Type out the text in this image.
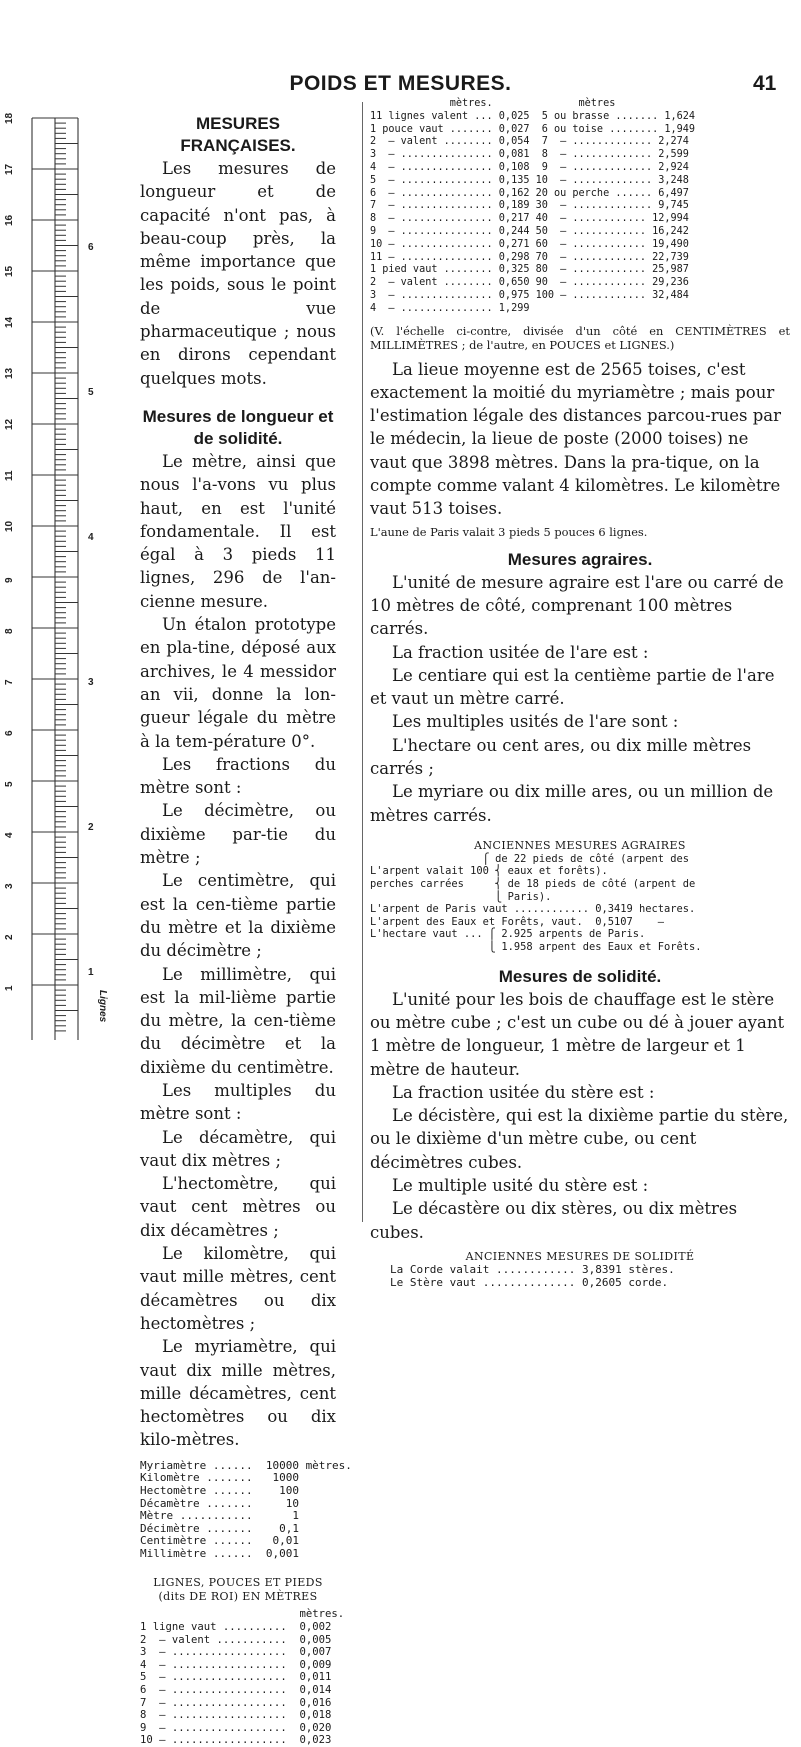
POIDS ET MESURES.	41
18
17
16
15
14
13
12
11
10
9
8
7
6
5
4
3
2
1
6
5
4
3
2
1
Lignes
MESURES FRANÇAISES.

Les mesures de longueur et de capacité n'ont pas, à beau-coup près, la même importance que les poids, sous le point de vue pharmaceutique ; nous en dirons cependant quelques mots.

Mesures de longueur et de solidité.

Le mètre, ainsi que nous l'a-vons vu plus haut, en est l'unité fondamentale. Il est égal à 3 pieds 11 lignes, 296 de l'an-cienne mesure.

Un étalon prototype en pla-tine, déposé aux archives, le 4 messidor an vii, donne la lon-gueur légale du mètre à la tem-pérature 0°.

Les fractions du mètre sont :

Le décimètre, ou dixième par-tie du mètre ;

Le centimètre, qui est la cen-tième partie du mètre et la dixième du décimètre ;

Le millimètre, qui est la mil-lième partie du mètre, la cen-tième du décimètre et la dixième du centimètre.

Les multiples du mètre sont :

Le décamètre, qui vaut dix mètres ;

L'hectomètre, qui vaut cent mètres ou dix décamètres ;

Le kilomètre, qui vaut mille mètres, cent décamètres ou dix hectomètres ;

Le myriamètre, qui vaut dix mille mètres, mille décamètres, cent hectomètres ou dix kilo-mètres.

Myriamètre ......  10000 mètres.
Kilomètre .......   1000
Hectomètre ......    100
Décamètre .......     10
Mètre ...........      1
Décimètre .......    0,1
Centimètre ......   0,01
Millimètre ......  0,001
LIGNES, POUCES ET PIEDS (dits DE ROI) EN MÈTRES
mètres.
1 ligne vaut ..........  0,002
2  — valent ...........  0,005
3  — ..................  0,007
4  — ..................  0,009
5  — ..................  0,011
6  — ..................  0,014
7  — ..................  0,016
8  — ..................  0,018
9  — ..................  0,020
10 — ..................  0,023
mètres.              mètres
11 lignes valent ... 0,025  5 ou brasse ....... 1,624
1 pouce vaut ....... 0,027  6 ou toise ........ 1,949
2  — valent ........ 0,054  7  — ............. 2,274
3  — ............... 0,081  8  — ............. 2,599
4  — ............... 0,108  9  — ............. 2,924
5  — ............... 0,135 10  — ............. 3,248
6  — ............... 0,162 20 ou perche ...... 6,497
7  — ............... 0,189 30  — ............. 9,745
8  — ............... 0,217 40  — ............ 12,994
9  — ............... 0,244 50  — ............ 16,242
10 — ............... 0,271 60  — ............ 19,490
11 — ............... 0,298 70  — ............ 22,739
1 pied vaut ........ 0,325 80  — ............ 25,987
2  — valent ........ 0,650 90  — ............ 29,236
3  — ............... 0,975 100 — ............ 32,484
4  — ............... 1,299
(V. l'échelle ci-contre, divisée d'un côté en CENTIMÈTRES et MILLIMÈTRES ; de l'autre, en POUCES et LIGNES.)

La lieue moyenne est de 2565 toises, c'est exactement la moitié du myriamètre ; mais pour l'estimation légale des distances parcou-rues par le médecin, la lieue de poste (2000 toises) ne vaut que 3898 mètres. Dans la pra-tique, on la compte comme valant 4 kilomètres. Le kilomètre vaut 513 toises.

L'aune de Paris valait 3 pieds 5 pouces 6 lignes.
Mesures agraires.

L'unité de mesure agraire est l'are ou carré de 10 mètres de côté, comprenant 100 mètres carrés.

La fraction usitée de l'are est :

Le centiare qui est la centième partie de l'are et vaut un mètre carré.

Les multiples usités de l'are sont :

L'hectare ou cent ares, ou dix mille mètres carrés ;

Le myriare ou dix mille ares, ou un million de mètres carrés.

ANCIENNES MESURES AGRAIRES
⎧ de 22 pieds de côté (arpent des
L'arpent valait 100 ⎨ eaux et forêts).
perches carrées     ⎨ de 18 pieds de côté (arpent de
⎩ Paris).
L'arpent de Paris vaut ............ 0,3419 hectares.
L'arpent des Eaux et Forêts, vaut.  0,5107    —
L'hectare vaut ... ⎧ 2.925 arpents de Paris.
⎩ 1.958 arpent des Eaux et Forêts.
Mesures de solidité.

L'unité pour les bois de chauffage est le stère ou mètre cube ; c'est un cube ou dé à jouer ayant 1 mètre de longueur, 1 mètre de largeur et 1 mètre de hauteur.

La fraction usitée du stère est :

Le décistère, qui est la dixième partie du stère, ou le dixième d'un mètre cube, ou cent décimètres cubes.

Le multiple usité du stère est :

Le décastère ou dix stères, ou dix mètres cubes.

ANCIENNES MESURES DE SOLIDITÉ
La Corde valait ............ 3,8391 stères.
Le Stère vaut .............. 0,2605 corde.
